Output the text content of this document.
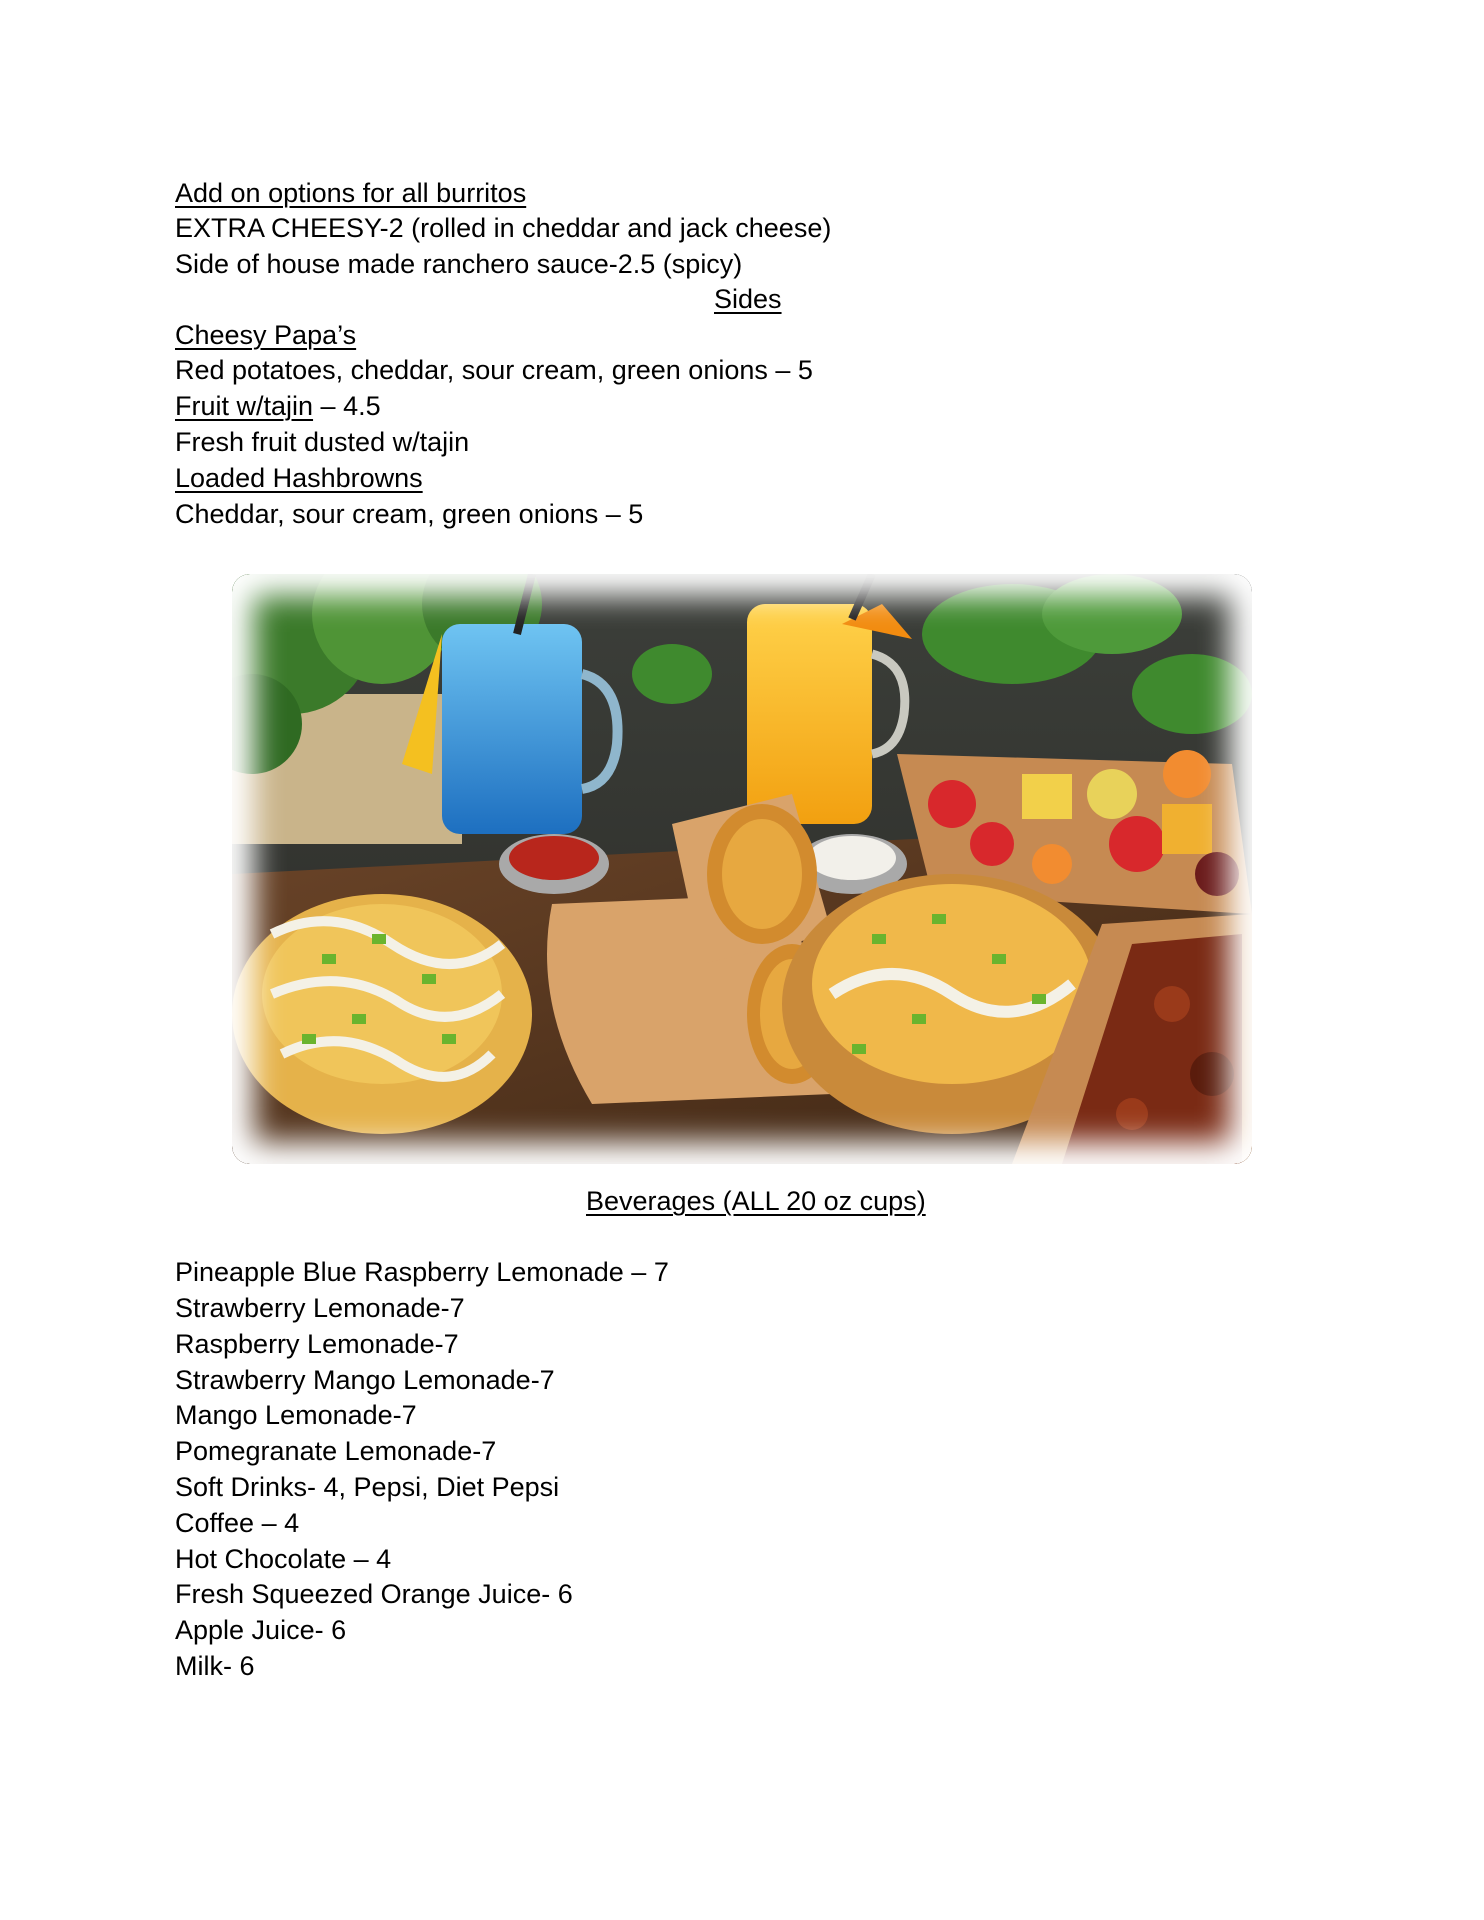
Add on options for all burritos
EXTRA CHEESY-2 (rolled in cheddar and jack cheese)
Side of house made ranchero sauce-2.5 (spicy)
Sides
Cheesy Papa’s
Red potatoes, cheddar, sour cream, green onions – 5
Fruit w/tajin – 4.5
Fresh fruit dusted w/tajin
Loaded Hashbrowns
Cheddar, sour cream, green onions – 5
Beverages (ALL 20 oz cups)
Pineapple Blue Raspberry Lemonade – 7
Strawberry Lemonade-7
Raspberry Lemonade-7
Strawberry Mango Lemonade-7
Mango Lemonade-7
Pomegranate Lemonade-7
Soft Drinks- 4, Pepsi, Diet Pepsi
Coffee – 4
Hot Chocolate – 4
Fresh Squeezed Orange Juice- 6
Apple Juice- 6
Milk- 6
